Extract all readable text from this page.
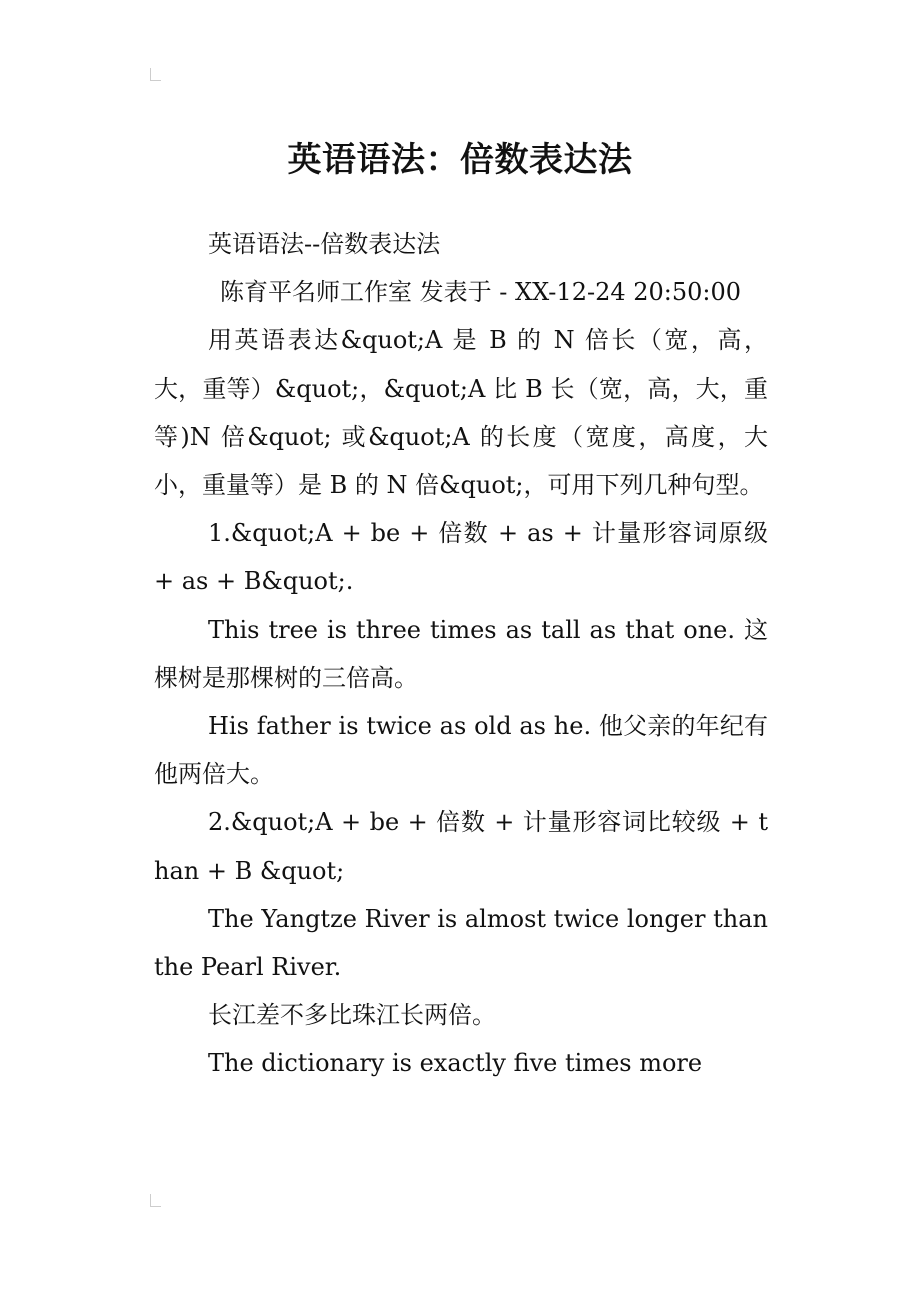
英语语法：倍数表达法

英语语法--倍数表达法

陈育平名师工作室 发表于 - XX-12-24 20:50:00

用英语表达&quot;A 是 B 的 N 倍长（宽，高，大，重等）&quot;，&quot;A 比 B 长（宽，高，大，重等)N 倍&quot; 或&quot;A 的长度（宽度，高度，大小，重量等）是 B 的 N 倍&quot;，可用下列几种句型。

1.&quot;A + be + 倍数 + as + 计量形容词原级 + as + B&quot;.

This tree is three times as tall as that one. 这棵树是那棵树的三倍高。

His father is twice as old as he. 他父亲的年纪有他两倍大。

2.&quot;A + be + 倍数 + 计量形容词比较级 + than + B &quot;

The Yangtze River is almost twice longer than the Pearl River.

长江差不多比珠江长两倍。

The dictionary is exactly five times more
